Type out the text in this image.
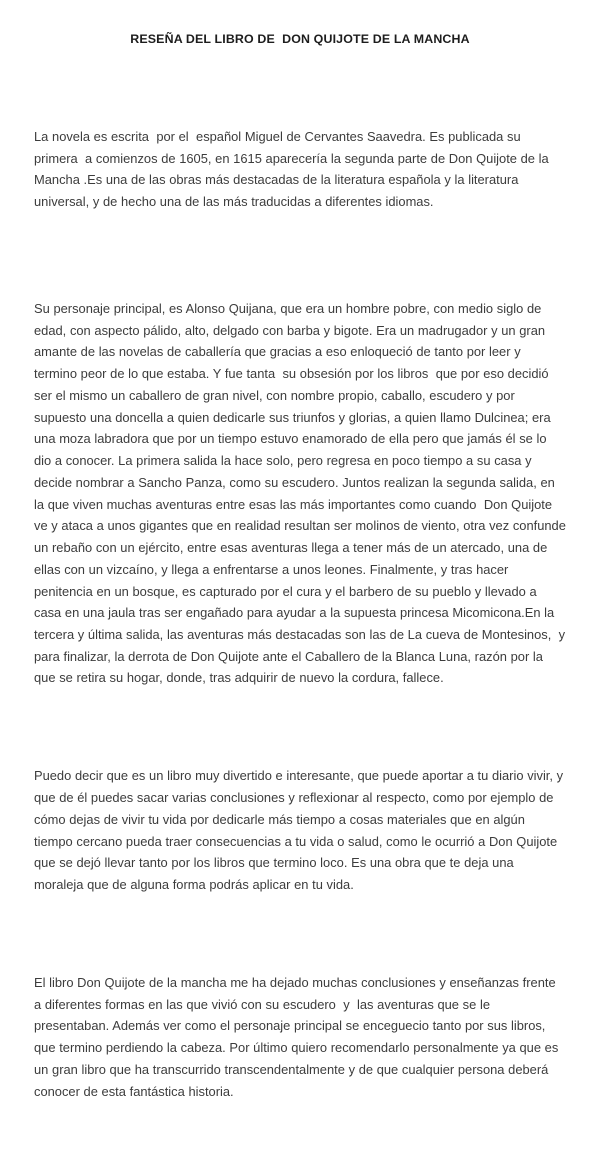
RESEÑA DEL LIBRO DE  DON QUIJOTE DE LA MANCHA

La novela es escrita  por el  español Miguel de Cervantes Saavedra. Es publicada su primera  a comienzos de 1605, en 1615 aparecería la segunda parte de Don Quijote de la Mancha .Es una de las obras más destacadas de la literatura española y la literatura universal, y de hecho una de las más traducidas a diferentes idiomas.

Su personaje principal, es Alonso Quijana, que era un hombre pobre, con medio siglo de edad, con aspecto pálido, alto, delgado con barba y bigote. Era un madrugador y un gran amante de las novelas de caballería que gracias a eso enloqueció de tanto por leer y termino peor de lo que estaba. Y fue tanta  su obsesión por los libros  que por eso decidió ser el mismo un caballero de gran nivel, con nombre propio, caballo, escudero y por supuesto una doncella a quien dedicarle sus triunfos y glorias, a quien llamo Dulcinea; era una moza labradora que por un tiempo estuvo enamorado de ella pero que jamás él se lo dio a conocer. La primera salida la hace solo, pero regresa en poco tiempo a su casa y decide nombrar a Sancho Panza, como su escudero. Juntos realizan la segunda salida, en la que viven muchas aventuras entre esas las más importantes como cuando  Don Quijote ve y ataca a unos gigantes que en realidad resultan ser molinos de viento, otra vez confunde un rebaño con un ejército, entre esas aventuras llega a tener más de un atercado, una de ellas con un vizcaíno, y llega a enfrentarse a unos leones. Finalmente, y tras hacer penitencia en un bosque, es capturado por el cura y el barbero de su pueblo y llevado a casa en una jaula tras ser engañado para ayudar a la supuesta princesa Micomicona.En la tercera y última salida, las aventuras más destacadas son las de La cueva de Montesinos,  y para finalizar, la derrota de Don Quijote ante el Caballero de la Blanca Luna, razón por la que se retira su hogar, donde, tras adquirir de nuevo la cordura, fallece.

Puedo decir que es un libro muy divertido e interesante, que puede aportar a tu diario vivir, y que de él puedes sacar varias conclusiones y reflexionar al respecto, como por ejemplo de cómo dejas de vivir tu vida por dedicarle más tiempo a cosas materiales que en algún tiempo cercano pueda traer consecuencias a tu vida o salud, como le ocurrió a Don Quijote que se dejó llevar tanto por los libros que termino loco. Es una obra que te deja una moraleja que de alguna forma podrás aplicar en tu vida.

El libro Don Quijote de la mancha me ha dejado muchas conclusiones y enseñanzas frente a diferentes formas en las que vivió con su escudero  y  las aventuras que se le presentaban. Además ver como el personaje principal se enceguecio tanto por sus libros, que termino perdiendo la cabeza. Por último quiero recomendarlo personalmente ya que es un gran libro que ha transcurrido transcendentalmente y de que cualquier persona deberá conocer de esta fantástica historia.
